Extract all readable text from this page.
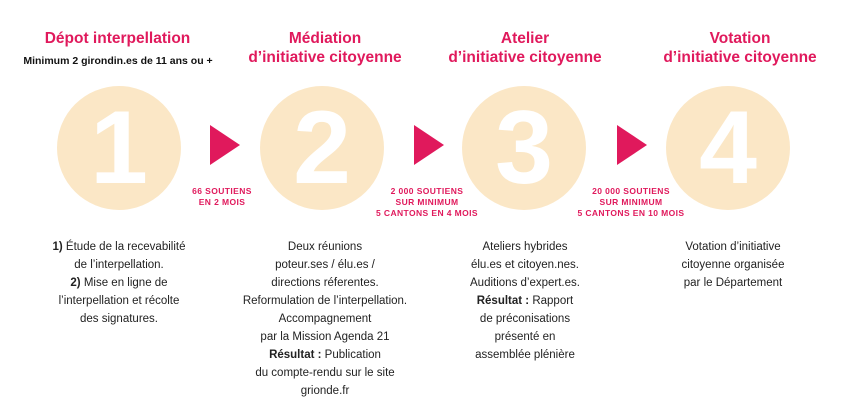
Dépot interpellation
Minimum 2 girondin.es de 11 ans ou +
1

1) Étude de la recevabilité

de l’interpellation.

2) Mise en ligne de

l’interpellation et récolte

des signatures.

66 SOUTIENS
EN 2 MOIS
Médiation
d’initiative citoyenne
2

Deux réunions

poteur.ses / élu.es /

directions réferentes.

Reformulation de l’interpellation.

Accompagnement

par la Mission Agenda 21

Résultat : Publication

du compte-rendu sur le site

grionde.fr

2 000 SOUTIENS
SUR MINIMUM
5 CANTONS EN 4 MOIS
Atelier
d’initiative citoyenne
3

Ateliers hybrides

élu.es et citoyen.nes.

Auditions d’expert.es.

Résultat : Rapport

de préconisations

présenté en

assemblée plénière

20 000 SOUTIENS
SUR MINIMUM
5 CANTONS EN 10 MOIS
Votation
d’initiative citoyenne
4

Votation d’initiative

citoyenne organisée

par le Département
